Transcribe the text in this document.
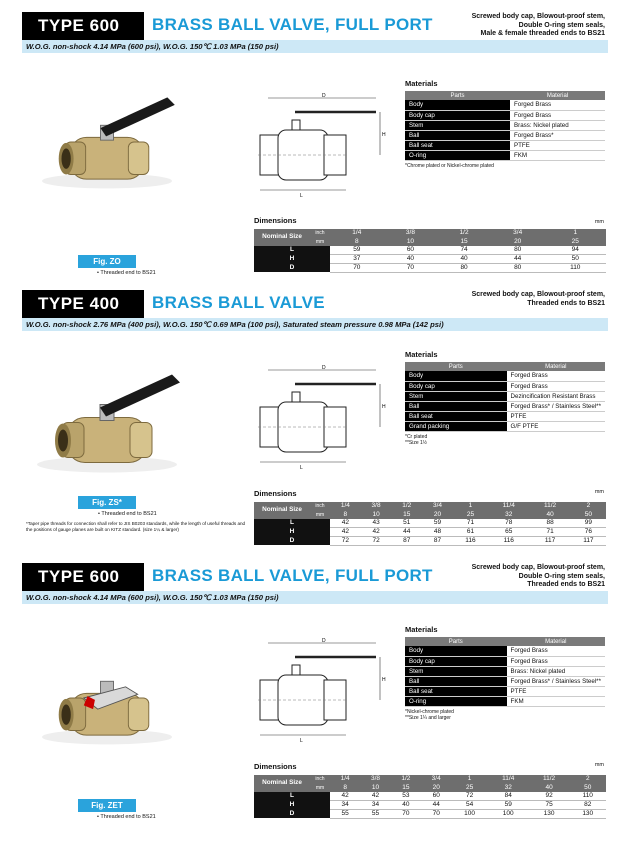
TYPE 600	BRASS BALL VALVE, FULL PORT	Screwed body cap, Blowout-proof stem,
Double O-ring stem seals,
Male & female threaded ends to BS21
W.O.G. non-shock 4.14 MPa (600 psi), W.O.G. 150℃ 1.03 MPa (150 psi)
Fig. ZO
• Threaded end to BS21
D
L
H
Materials
Parts	Material
Body	Forged Brass
Body cap	Forged Brass
Stem	Brass: Nickel plated
Ball	Forged Brass*
Ball seat	PTFE
O-ring	FKM
*Chrome plated or Nickel-chrome plated
Dimensions	mm
Nominal Size	inch	1/4	3/8	1/2	3/4	1
	mm	8	10	15	20	25
L		59	60	74	80	94
H		37	40	40	44	50
D		70	70	80	80	110
TYPE 400	BRASS BALL VALVE	Screwed body cap, Blowout-proof stem,
Threaded ends to BS21
W.O.G. non-shock 2.76 MPa (400 psi), W.O.G. 150℃ 0.69 MPa (100 psi), Saturated steam pressure 0.98 MPa (142 psi)
Fig. ZS*
• Threaded end to BS21
*Taper pipe threads for connection shall refer to JIS B0203 standards, while the length of useful threads and the positions of gauge planes are built on KITZ standard. (size 1¼ & larger)
D
L
H
Materials
Parts	Material
Body	Forged Brass
Body cap	Forged Brass
Stem	Dezincification Resistant Brass
Ball	Forged Brass* / Stainless Steel**
Ball seat	PTFE
Grand packing	G/F PTFE
*Cr plated
**Size 1½
Dimensions	mm
Nominal Size	inch	1/4	3/8	1/2	3/4	1	11/4	11/2	2
	mm	8	10	15	20	25	32	40	50
L		42	43	51	59	71	78	88	99
H		42	42	44	48	61	65	71	76
D		72	72	87	87	116	116	117	117
TYPE 600	BRASS BALL VALVE, FULL PORT	Screwed body cap, Blowout-proof stem,
Double O-ring stem seals,
Threaded ends to BS21
W.O.G. non-shock 4.14 MPa (600 psi), W.O.G. 150℃ 1.03 MPa (150 psi)
Fig. ZET
• Threaded end to BS21
D
L
H
Materials
Parts	Material
Body	Forged Brass
Body cap	Forged Brass
Stem	Brass: Nickel plated
Ball	Forged Brass* / Stainless Steel**
Ball seat	PTFE
O-ring	FKM
*Nickel-chrome plated
**Size 1¼ and larger
Dimensions	mm
Nominal Size	inch	1/4	3/8	1/2	3/4	1	11/4	11/2	2
	mm	8	10	15	20	25	32	40	50
L		42	42	53	60	72	84	92	110
H		34	34	40	44	54	59	75	82
D		55	55	70	70	100	100	130	130
